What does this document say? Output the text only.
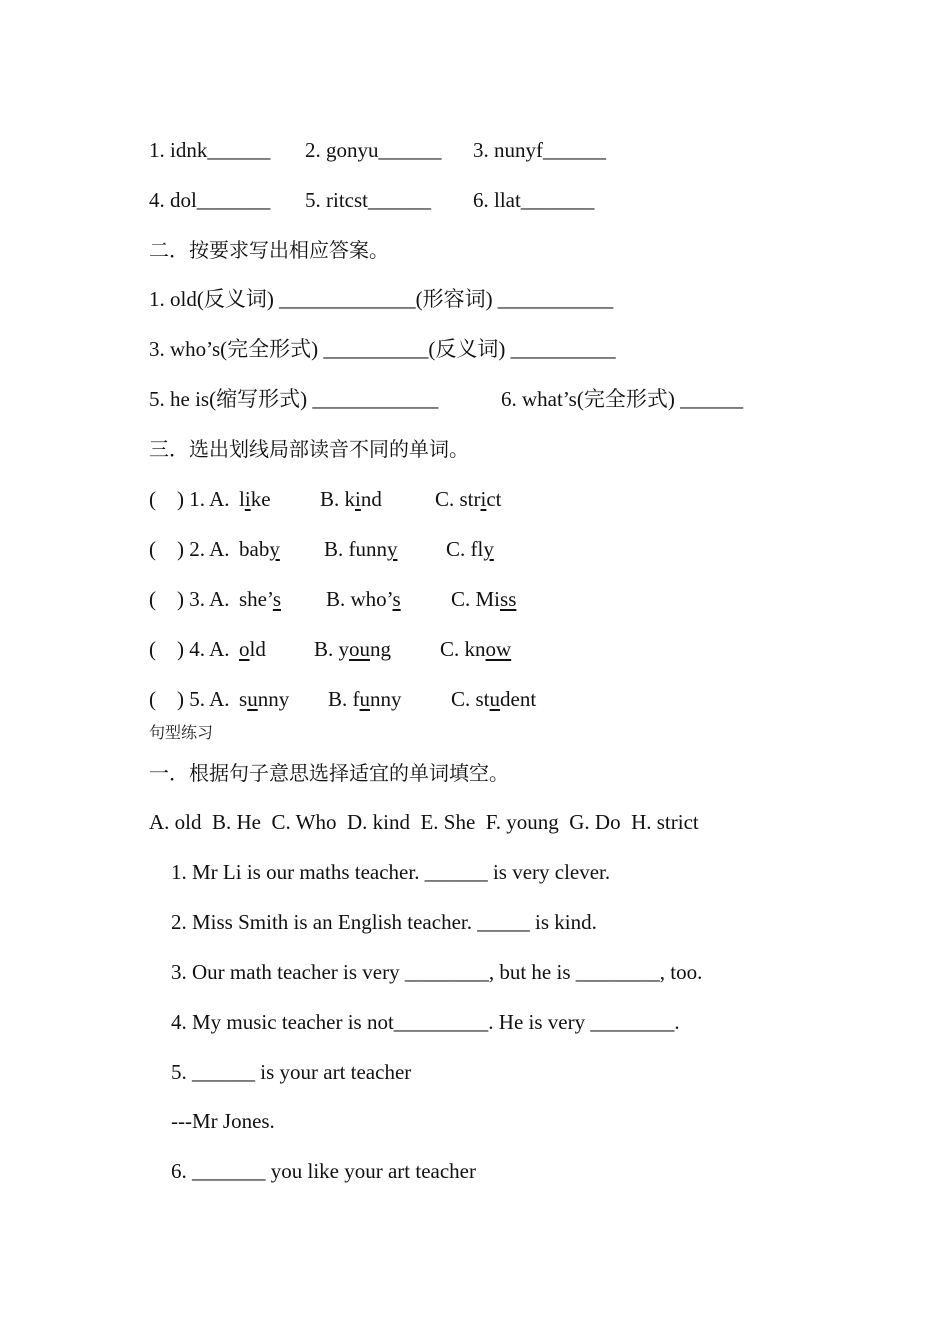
1. idnk______

2. gonyu______

3. nunyf______

4. dol_______

5. ritcst______

6. llat_______

二．按要求写出相应答案。
1. old(反义词) _____________(形容词) ___________
3. who’s(完全形式) __________(反义词) __________

5. he is(缩写形式) ____________

	6. what’s(完全形式) ______

三．选出划线局部读音不同的单词。

(    ) 1. A.

like

B. kind

	C. strict

(    ) 2. A.

baby

B. funny

C. fly

(    ) 3. A.

she’s

B. who’s

C. Miss

(    ) 4. A.

old

B. young

C. know

(    ) 5. A.

sunny

B. funny

C. student

句型练习
一．根据句子意思选择适宜的单词填空。
A. old  B. He  C. Who  D. kind  E. She  F. young  G. Do  H. strict
1. Mr Li is our maths teacher. ______ is very clever.
2. Miss Smith is an English teacher. _____ is kind.
3. Our math teacher is very ________, but he is ________, too.
4. My music teacher is not_________. He is very ________.
5. ______ is your art teacher
---Mr Jones.
6. _______ you like your art teacher
